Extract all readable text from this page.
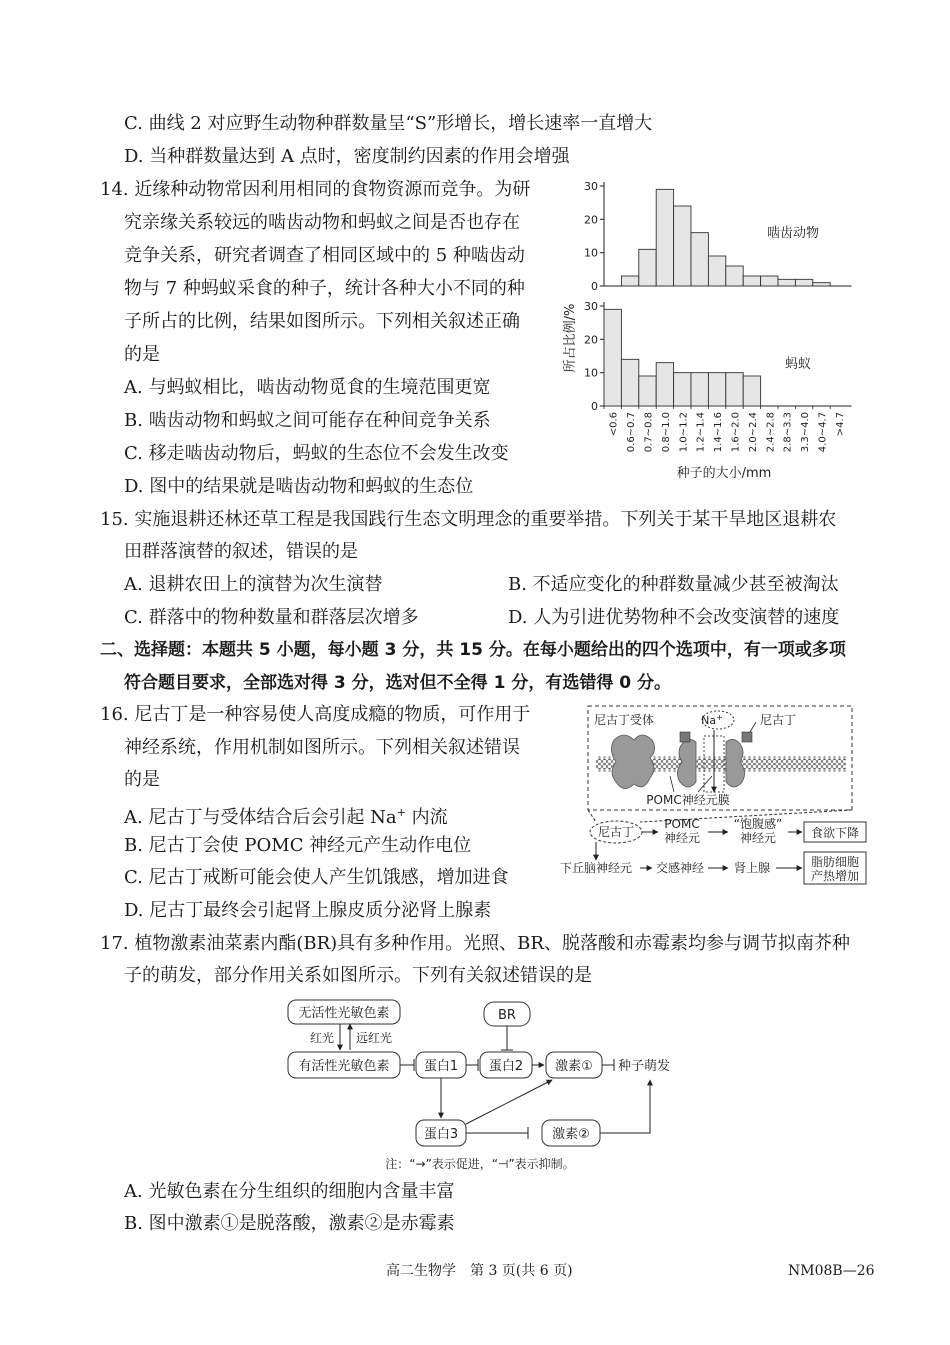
C. 曲线 2 对应野生动物种群数量呈“S”形增长，增长速率一直增大
D. 当种群数量达到 A 点时，密度制约因素的作用会增强
14. 近缘种动物常因利用相同的食物资源而竞争。为研
究亲缘关系较远的啮齿动物和蚂蚁之间是否也存在
竞争关系，研究者调查了相同区域中的 5 种啮齿动
物与 7 种蚂蚁采食的种子，统计各种大小不同的种
子所占的比例，结果如图所示。下列相关叙述正确
的是
A. 与蚂蚁相比，啮齿动物觅食的生境范围更宽
B. 啮齿动物和蚂蚁之间可能存在种间竞争关系
C. 移走啮齿动物后，蚂蚁的生态位不会发生改变
D. 图中的结果就是啮齿动物和蚂蚁的生态位
0
10
20
30
0
10
20
30
<0.6 0.6~0.7 0.7~0.8 0.8~1.0 1.0~1.2 1.2~1.4 1.4~1.6 1.6~2.0 2.0~2.4 2.4~2.8 2.8~3.3 3.3~4.0 4.0~4.7 >4.7
啮齿动物
蚂蚁
所占比例/%
种子的大小/mm
15. 实施退耕还林还草工程是我国践行生态文明理念的重要举措。下列关于某干旱地区退耕农
田群落演替的叙述，错误的是
A. 退耕农田上的演替为次生演替	B. 不适应变化的种群数量减少甚至被淘汰
C. 群落中的物种数量和群落层次增多	D. 人为引进优势物种不会改变演替的速度
二、选择题：本题共 5 小题，每小题 3 分，共 15 分。在每小题给出的四个选项中，有一项或多项
符合题目要求，全部选对得 3 分，选对但不全得 1 分，有选错得 0 分。
16. 尼古丁是一种容易使人高度成瘾的物质，可作用于
神经系统，作用机制如图所示。下列相关叙述错误
的是
A. 尼古丁与受体结合后会引起 Na+ 内流
B. 尼古丁会使 POMC 神经元产生动作电位
C. 尼古丁戒断可能会使人产生饥饿感，增加进食
D. 尼古丁最终会引起肾上腺皮质分泌肾上腺素
尼古丁受体	Na+	尼古丁
POMC神经元膜
尼古丁
POMC
神经元
“饱腹感”
神经元	食欲下降
下丘脑神经元 交感神经 肾上腺	脂肪细胞
产热增加
17. 植物激素油菜素内酯(BR)具有多种作用。光照、BR、脱落酸和赤霉素均参与调节拟南芥种
子的萌发，部分作用关系如图所示。下列有关叙述错误的是
无活性光敏色素
红光 远红光
有活性光敏色素	蛋白1
BR
蛋白2 激素① 种子萌发
蛋白3	激素②
注：“→”表示促进，“⊣”表示抑制。
A. 光敏色素在分生组织的细胞内含量丰富
B. 图中激素①是脱落酸，激素②是赤霉素
高二生物学　第 3 页(共 6 页)	NM08B—26
